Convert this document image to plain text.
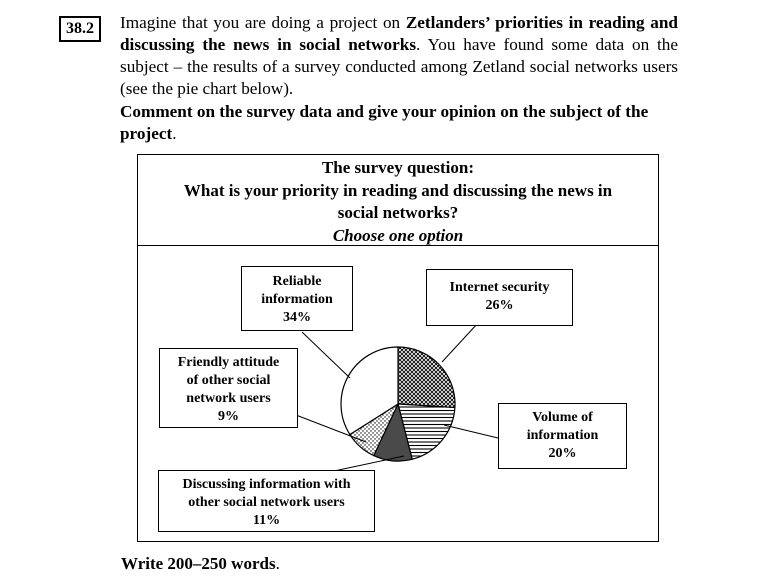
38.2	Imagine that you are doing a project on Zetlanders’ priorities in reading and discussing the news in social networks. You have found some data on the subject – the results of a survey conducted among Zetland social networks users (see the pie chart below).

Comment on the survey data and give your opinion on the subject of the project.

The survey question:
What is your priority in reading and discussing the news in
social networks?
Choose one option
Reliable
information
34%
Internet security
26%
Friendly attitude
of other social
network users
9%	Volume of
information
20%
Discussing information with
other social network users
11%
Write 200–250 words.
